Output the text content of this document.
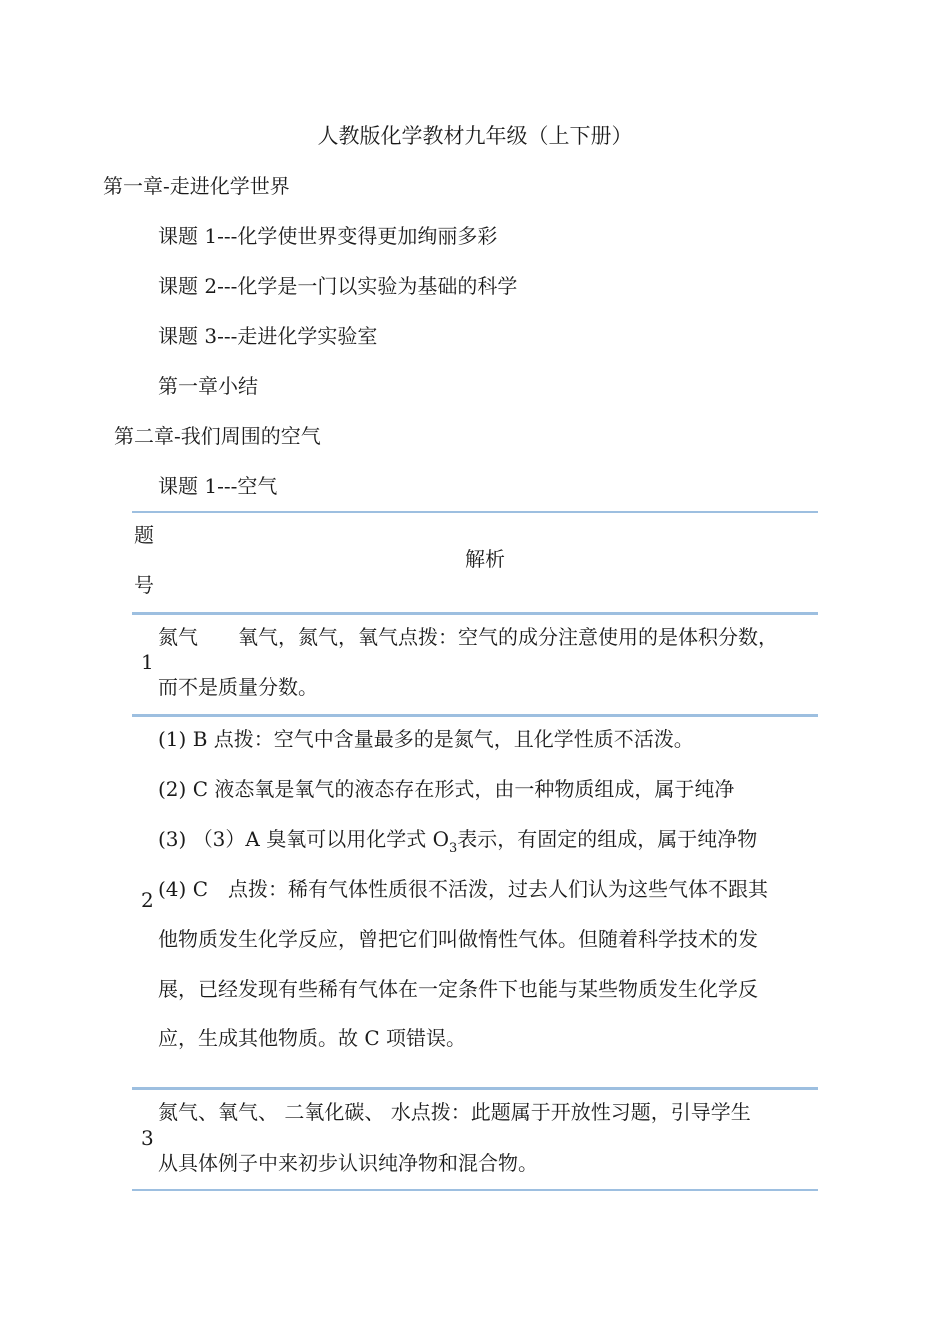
人教版化学教材九年级（上下册）
第一章-走进化学世界
课题 1---化学使世界变得更加绚丽多彩
课题 2---化学是一门以实验为基础的科学
课题 3---走进化学实验室
第一章小结
第二章-我们周围的空气
课题 1---空气
题
号
解析
1
氮气　　氧气，氮气，氧气点拨：空气的成分注意使用的是体积分数，
而不是质量分数。
2
(1) B 点拨：空气中含量最多的是氮气，且化学性质不活泼。
(2) C 液态氧是氧气的液态存在形式，由一种物质组成，属于纯净
(3) （3）A 臭氧可以用化学式 $O_3$表示，有固定的组成，属于纯净物
(4) C　点拨：稀有气体性质很不活泼，过去人们认为这些气体不跟其
他物质发生化学反应，曾把它们叫做惰性气体。但随着科学技术的发
展，已经发现有些稀有气体在一定条件下也能与某些物质发生化学反
应，生成其他物质。故 C 项错误。
3
氮气、氧气、 二氧化碳、 水点拨：此题属于开放性习题，引导学生
从具体例子中来初步认识纯净物和混合物。
